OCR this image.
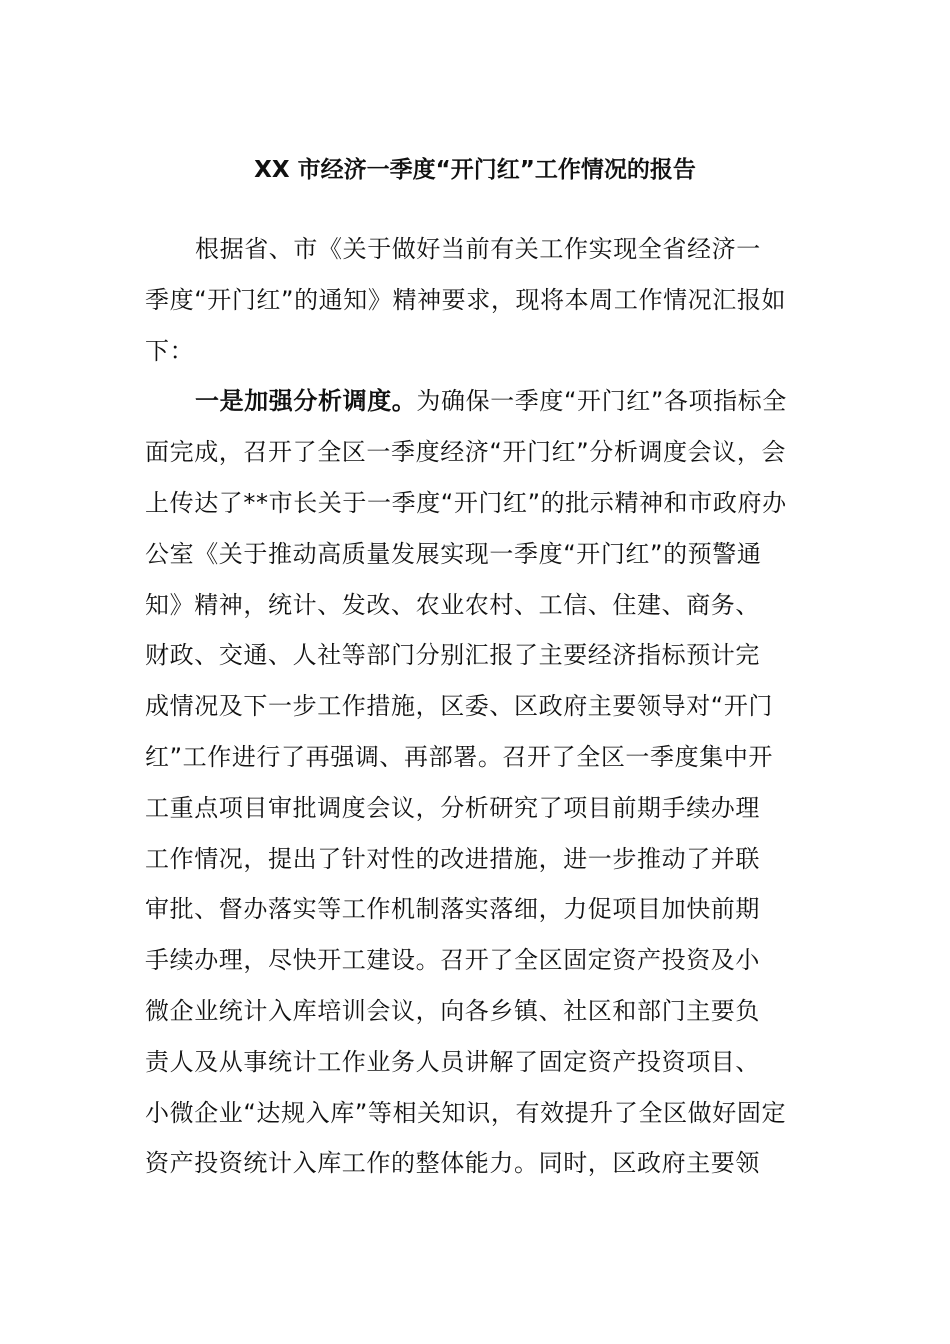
XX 市经济一季度“开门红”工作情况的报告
根据省、市《关于做好当前有关工作实现全省经济一
季度“开门红”的通知》精神要求，现将本周工作情况汇报如
下：
一是加强分析调度。为确保一季度“开门红”各项指标全
面完成，召开了全区一季度经济“开门红”分析调度会议，会
上传达了**市长关于一季度“开门红”的批示精神和市政府办
公室《关于推动高质量发展实现一季度“开门红”的预警通
知》精神，统计、发改、农业农村、工信、住建、商务、
财政、交通、人社等部门分别汇报了主要经济指标预计完
成情况及下一步工作措施，区委、区政府主要领导对“开门
红”工作进行了再强调、再部署。召开了全区一季度集中开
工重点项目审批调度会议，分析研究了项目前期手续办理
工作情况，提出了针对性的改进措施，进一步推动了并联
审批、督办落实等工作机制落实落细，力促项目加快前期
手续办理，尽快开工建设。召开了全区固定资产投资及小
微企业统计入库培训会议，向各乡镇、社区和部门主要负
责人及从事统计工作业务人员讲解了固定资产投资项目、
小微企业“达规入库”等相关知识，有效提升了全区做好固定
资产投资统计入库工作的整体能力。同时，区政府主要领
